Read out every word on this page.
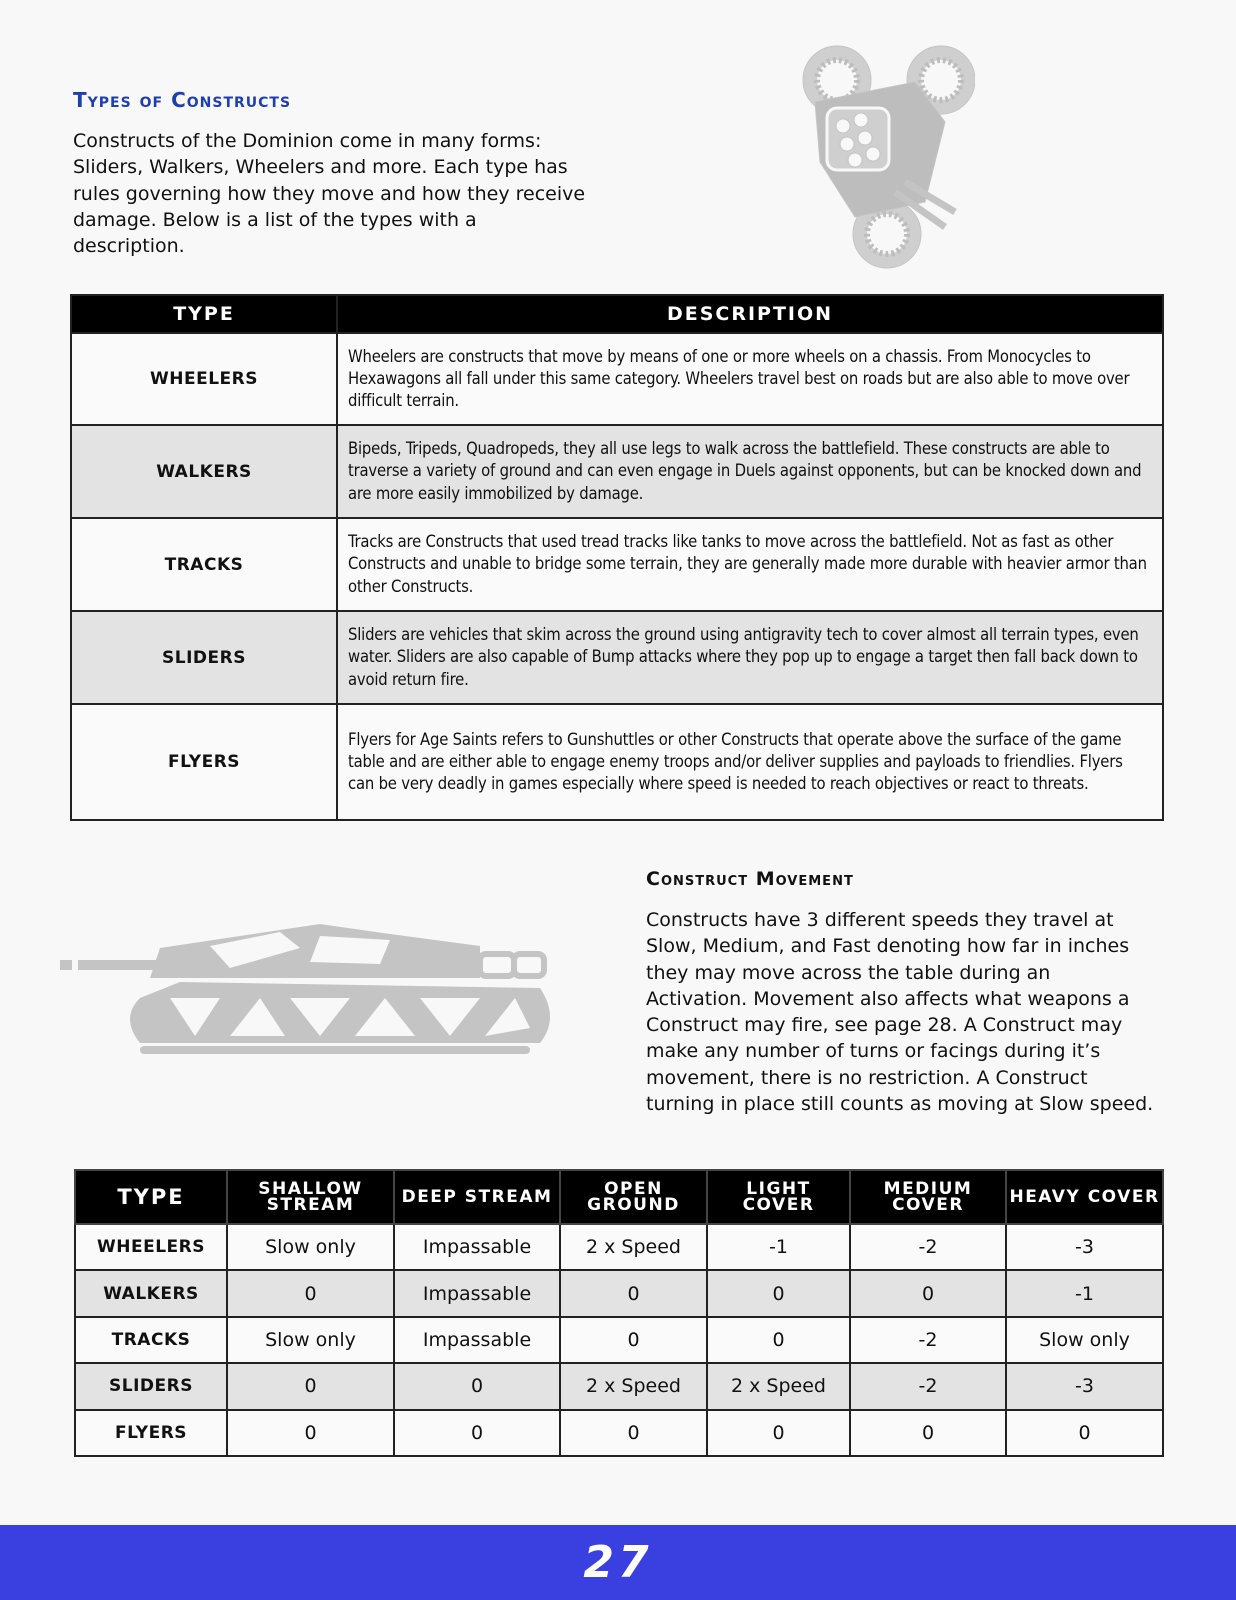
Types of Constructs

Constructs of the Dominion come in many forms: Sliders, Walkers, Wheelers and more. Each type has rules governing how they move and how they receive damage. Below is a list of the types with a description.

TYPE	DESCRIPTION
WHEELERS	Wheelers are constructs that move by means of one or more wheels on a chassis. From Monocycles to Hexawagons all fall under this same category. Wheelers travel best on roads but are also able to move over difficult terrain.
WALKERS	Bipeds, Tripeds, Quadropeds, they all use legs to walk across the battlefield. These constructs are able to traverse a variety of ground and can even engage in Duels against opponents, but can be knocked down and are more easily immobilized by damage.
TRACKS	Tracks are Constructs that used tread tracks like tanks to move across the battlefield. Not as fast as other Constructs and unable to bridge some terrain, they are generally made more durable with heavier armor than other Constructs.
SLIDERS	Sliders are vehicles that skim across the ground using antigravity tech to cover almost all terrain types, even water. Sliders are also capable of Bump attacks where they pop up to engage a target then fall back down to avoid return fire.
FLYERS	Flyers for Age Saints refers to Gunshuttles or other Constructs that operate above the surface of the game table and are either able to engage enemy troops and/or deliver supplies and payloads to friendlies. Flyers can be very deadly in games especially where speed is needed to reach objectives or react to threats.
Construct Movement

Constructs have 3 different speeds they travel at Slow, Medium, and Fast denoting how far in inches they may move across the table during an Activation. Movement also affects what weapons a Construct may fire, see page 28. A Construct may make any number of turns or facings during it’s movement, there is no restriction. A Construct turning in place still counts as moving at Slow speed.

TYPE	SHALLOW STREAM	DEEP STREAM	OPEN GROUND	LIGHT COVER	MEDIUM COVER	HEAVY COVER
WHEELERS	Slow only	Impassable	2 x Speed	-1	-2	-3
WALKERS	0	Impassable	0	0	0	-1
TRACKS	Slow only	Impassable	0	0	-2	Slow only
SLIDERS	0	0	2 x Speed	2 x Speed	-2	-3
FLYERS	0	0	0	0	0	0
27
